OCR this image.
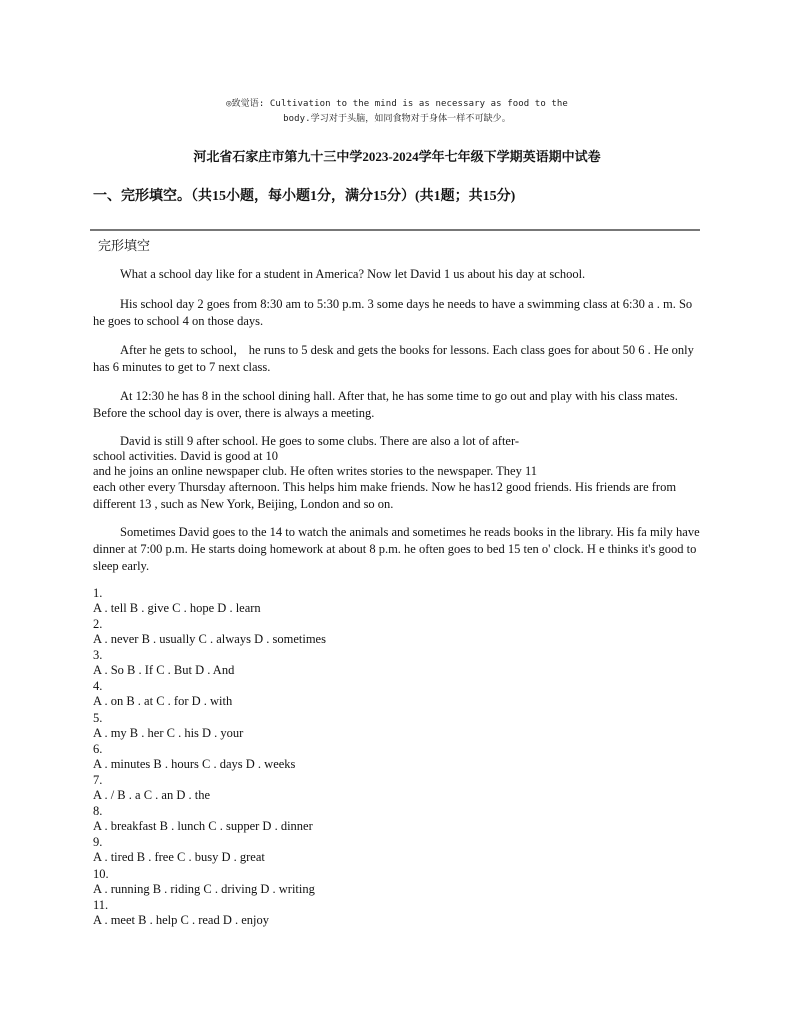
◎致觉语: Cultivation to the mind is as necessary as food to the
body.学习对于头脑，如同食物对于身体一样不可缺少。
河北省石家庄市第九十三中学2023-2024学年七年级下学期英语期中试卷
一、完形填空。（共15小题，每小题1分，满分15分）(共1题；共15分)
完形填空
What a school day like for a student in America? Now let David 1 us about his day at school.
His school day 2 goes from 8:30 am to 5:30 p.m. 3 some days he needs to have a swimming class at 6:30 a . m. So he goes to school 4 on those days.
After he gets to school， he runs to 5 desk and gets the books for lessons. Each class goes for about 50 6 . He only has 6 minutes to get to 7 next class.
At 12:30 he has 8 in the school dining hall. After that, he has some time to go out and play with his class mates. Before the school day is over, there is always a meeting.
David is still 9 after school. He goes to some clubs. There are also a lot of after-
school activities. David is good at 10
and he joins an online newspaper club. He often writes stories to the newspaper. They 11
each other every Thursday afternoon. This helps him make friends. Now he has12 good friends. His friends are from different 13 , such as New York, Beijing, London and so on.
Sometimes David goes to the 14 to watch the animals and sometimes he reads books in the library. His fa mily have dinner at 7:00 p.m. He starts doing homework at about 8 p.m. he often goes to bed 15 ten o' clock. H e thinks it's good to sleep early.
1.
A . tell B . give C . hope D . learn
2.
A . never B . usually C . always D . sometimes
3.
A . So B . If C . But D . And
4.
A . on B . at C . for D . with
5.
A . my B . her C . his D . your
6.
A . minutes B . hours C . days D . weeks
7.
A . / B . a C . an D . the
8.
A . breakfast B . lunch C . supper D . dinner
9.
A . tired B . free C . busy D . great
10.
A . running B . riding C . driving D . writing
11.
A . meet B . help C . read D . enjoy
